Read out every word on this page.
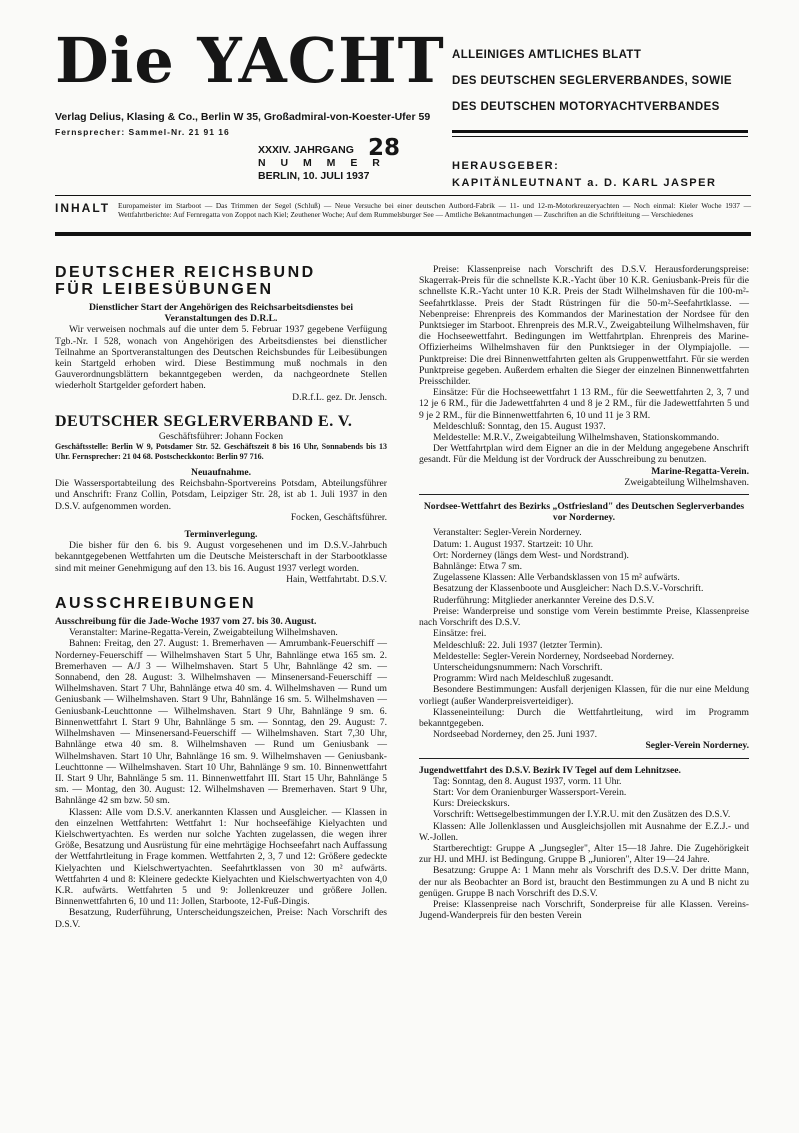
Die YACHT
Verlag Delius, Klasing & Co., Berlin W 35, Großadmiral-von-Koester-Ufer 59
Fernsprecher: Sammel-Nr. 21 91 16
ALLEINIGES AMTLICHES BLATT
DES DEUTSCHEN SEGLERVERBANDES, SOWIE
DES DEUTSCHEN MOTORYACHTVERBANDES
XXXIV. JAHRGANG
N U M M E R
28
BERLIN, 10. JULI 1937
HERAUSGEBER:
KAPITÄNLEUTNANT a. D. KARL JASPER
INHALT Europameister im Starboot — Das Trimmen der Segel (Schluß) — Neue Versuche bei einer deutschen Autbord-Fabrik — 11- und 12-m-Motorkreuzeryachten — Noch einmal: Kieler Woche 1937 — Wettfahrtberichte: Auf Fernregatta von Zoppot nach Kiel; Zeuthener Woche; Auf dem Rummelsburger See — Amtliche Bekanntmachungen — Zuschriften an die Schriftleitung — Verschiedenes
DEUTSCHER REICHSBUND
FÜR LEIBESÜBUNGEN

Dienstlicher Start der Angehörigen des Reichsarbeitsdienstes bei Veranstaltungen des D.R.L.

Wir verweisen nochmals auf die unter dem 5. Februar 1937 gegebene Verfügung Tgb.-Nr. I 528, wonach von Angehörigen des Arbeitsdienstes bei dienstlicher Teilnahme an Sportveranstaltungen des Deutschen Reichsbundes für Leibesübungen kein Startgeld erhoben wird. Diese Bestimmung muß nochmals in den Gauverordnungsblättern bekanntgegeben werden, da nachgeordnete Stellen wiederholt Startgelder gefordert haben.

D.R.f.L. gez. Dr. Jensch.

DEUTSCHER SEGLERVERBAND E. V.

Geschäftsführer: Johann Focken

Geschäftsstelle: Berlin W 9, Potsdamer Str. 52. Geschäftszeit 8 bis 16 Uhr, Sonnabends bis 13 Uhr. Fernsprecher: 21 04 68. Postscheckkonto: Berlin 97 716.

Neuaufnahme.

Die Wassersportabteilung des Reichsbahn-Sportvereins Potsdam, Abteilungsführer und Anschrift: Franz Collin, Potsdam, Leipziger Str. 28, ist ab 1. Juli 1937 in den D.S.V. aufgenommen worden.

Focken, Geschäftsführer.

Terminverlegung.

Die bisher für den 6. bis 9. August vorgesehenen und im D.S.V.-Jahrbuch bekanntgegebenen Wettfahrten um die Deutsche Meisterschaft in der Starbootklasse sind mit meiner Genehmigung auf den 13. bis 16. August 1937 verlegt worden.

Hain, Wettfahrtabt. D.S.V.

AUSSCHREIBUNGEN

Ausschreibung für die Jade-Woche 1937 vom 27. bis 30. August.

Veranstalter: Marine-Regatta-Verein, Zweigabteilung Wilhelmshaven.

Bahnen: Freitag, den 27. August: 1. Bremerhaven — Amrumbank-Feuerschiff — Norderney-Feuerschiff — Wilhelmshaven Start 5 Uhr, Bahnlänge etwa 165 sm. 2. Bremerhaven — A/J 3 — Wilhelmshaven. Start 5 Uhr, Bahnlänge 42 sm. — Sonnabend, den 28. August: 3. Wilhelmshaven — Minsenersand-Feuerschiff — Wilhelmshaven. Start 7 Uhr, Bahnlänge etwa 40 sm. 4. Wilhelmshaven — Rund um Geniusbank — Wilhelmshaven. Start 9 Uhr, Bahnlänge 16 sm. 5. Wilhelmshaven — Geniusbank-Leuchttonne — Wilhelmshaven. Start 9 Uhr, Bahnlänge 9 sm. 6. Binnenwettfahrt I. Start 9 Uhr, Bahnlänge 5 sm. — Sonntag, den 29. August: 7. Wilhelmshaven — Minsenersand-Feuerschiff — Wilhelmshaven. Start 7,30 Uhr, Bahnlänge etwa 40 sm. 8. Wilhelmshaven — Rund um Geniusbank — Wilhelmshaven. Start 10 Uhr, Bahnlänge 16 sm. 9. Wilhelmshaven — Geniusbank-Leuchttonne — Wilhelmshaven. Start 10 Uhr, Bahnlänge 9 sm. 10. Binnenwettfahrt II. Start 9 Uhr, Bahnlänge 5 sm. 11. Binnenwettfahrt III. Start 15 Uhr, Bahnlänge 5 sm. — Montag, den 30. August: 12. Wilhelmshaven — Bremerhaven. Start 9 Uhr, Bahnlänge 42 sm bzw. 50 sm.

Klassen: Alle vom D.S.V. anerkannten Klassen und Ausgleicher. — Klassen in den einzelnen Wettfahrten: Wettfahrt 1: Nur hochseefähige Kielyachten und Kielschwertyachten. Es werden nur solche Yachten zugelassen, die wegen ihrer Größe, Besatzung und Ausrüstung für eine mehrtägige Hochseefahrt nach Auffassung der Wettfahrtleitung in Frage kommen. Wettfahrten 2, 3, 7 und 12: Größere gedeckte Kielyachten und Kielschwertyachten. Seefahrtklassen von 30 m² aufwärts. Wettfahrten 4 und 8: Kleinere gedeckte Kielyachten und Kielschwertyachten von 4,0 K.R. aufwärts. Wettfahrten 5 und 9: Jollenkreuzer und größere Jollen. Binnenwettfahrten 6, 10 und 11: Jollen, Starboote, 12-Fuß-Dingis.

Besatzung, Ruderführung, Unterscheidungszeichen, Preise: Nach Vorschrift des D.S.V.

Preise: Klassenpreise nach Vorschrift des D.S.V. Herausforderungspreise: Skagerrak-Preis für die schnellste K.R.-Yacht über 10 K.R. Geniusbank-Preis für die schnellste K.R.-Yacht unter 10 K.R. Preis der Stadt Wilhelmshaven für die 100-m²-Seefahrtklasse. Preis der Stadt Rüstringen für die 50-m²-Seefahrtklasse. — Nebenpreise: Ehrenpreis des Kommandos der Marinestation der Nordsee für den Punktsieger im Starboot. Ehrenpreis des M.R.V., Zweigabteilung Wilhelmshaven, für die Hochseewettfahrt. Bedingungen im Wettfahrtplan. Ehrenpreis des Marine-Offizierheims Wilhelmshaven für den Punktsieger in der Olympiajolle. — Punktpreise: Die drei Binnenwettfahrten gelten als Gruppenwettfahrt. Für sie werden Punktpreise gegeben. Außerdem erhalten die Sieger der einzelnen Binnenwettfahrten Preisschilder.

Einsätze: Für die Hochseewettfahrt 1 13 RM., für die Seewettfahrten 2, 3, 7 und 12 je 6 RM., für die Jadewettfahrten 4 und 8 je 2 RM., für die Jadewettfahrten 5 und 9 je 2 RM., für die Binnenwettfahrten 6, 10 und 11 je 3 RM.

Meldeschluß: Sonntag, den 15. August 1937.

Meldestelle: M.R.V., Zweigabteilung Wilhelmshaven, Stationskommando.

Der Wettfahrtplan wird dem Eigner an die in der Meldung angegebene Anschrift gesandt. Für die Meldung ist der Vordruck der Ausschreibung zu benutzen.

Marine-Regatta-Verein.

Zweigabteilung Wilhelmshaven.

Nordsee-Wettfahrt des Bezirks „Ostfriesland" des Deutschen Seglerverbandes vor Norderney.

Veranstalter: Segler-Verein Norderney.

Datum: 1. August 1937. Startzeit: 10 Uhr.

Ort: Norderney (längs dem West- und Nordstrand).

Bahnlänge: Etwa 7 sm.

Zugelassene Klassen: Alle Verbandsklassen von 15 m² aufwärts.

Besatzung der Klassenboote und Ausgleicher: Nach D.S.V.-Vorschrift.

Ruderführung: Mitglieder anerkannter Vereine des D.S.V.

Preise: Wanderpreise und sonstige vom Verein bestimmte Preise, Klassenpreise nach Vorschrift des D.S.V.

Einsätze: frei.

Meldeschluß: 22. Juli 1937 (letzter Termin).

Meldestelle: Segler-Verein Norderney, Nordseebad Norderney.

Unterscheidungsnummern: Nach Vorschrift.

Programm: Wird nach Meldeschluß zugesandt.

Besondere Bestimmungen: Ausfall derjenigen Klassen, für die nur eine Meldung vorliegt (außer Wanderpreisverteidiger).

Klasseneinteilung: Durch die Wettfahrtleitung, wird im Programm bekanntgegeben.

Nordseebad Norderney, den 25. Juni 1937.

Segler-Verein Norderney.

Jugendwettfahrt des D.S.V. Bezirk IV Tegel auf dem Lehnitzsee.

Tag: Sonntag, den 8. August 1937, vorm. 11 Uhr.

Start: Vor dem Oranienburger Wassersport-Verein.

Kurs: Dreieckskurs.

Vorschrift: Wettsegelbestimmungen der I.Y.R.U. mit den Zusätzen des D.S.V.

Klassen: Alle Jollenklassen und Ausgleichsjollen mit Ausnahme der E.Z.J.- und W.-Jollen.

Startberechtigt: Gruppe A „Jungsegler", Alter 15—18 Jahre. Die Zugehörigkeit zur HJ. und MHJ. ist Bedingung. Gruppe B „Junioren", Alter 19—24 Jahre.

Besatzung: Gruppe A: 1 Mann mehr als Vorschrift des D.S.V. Der dritte Mann, der nur als Beobachter an Bord ist, braucht den Bestimmungen zu A und B nicht zu genügen. Gruppe B nach Vorschrift des D.S.V.

Preise: Klassenpreise nach Vorschrift, Sonderpreise für alle Klassen. Vereins-Jugend-Wanderpreis für den besten Verein
